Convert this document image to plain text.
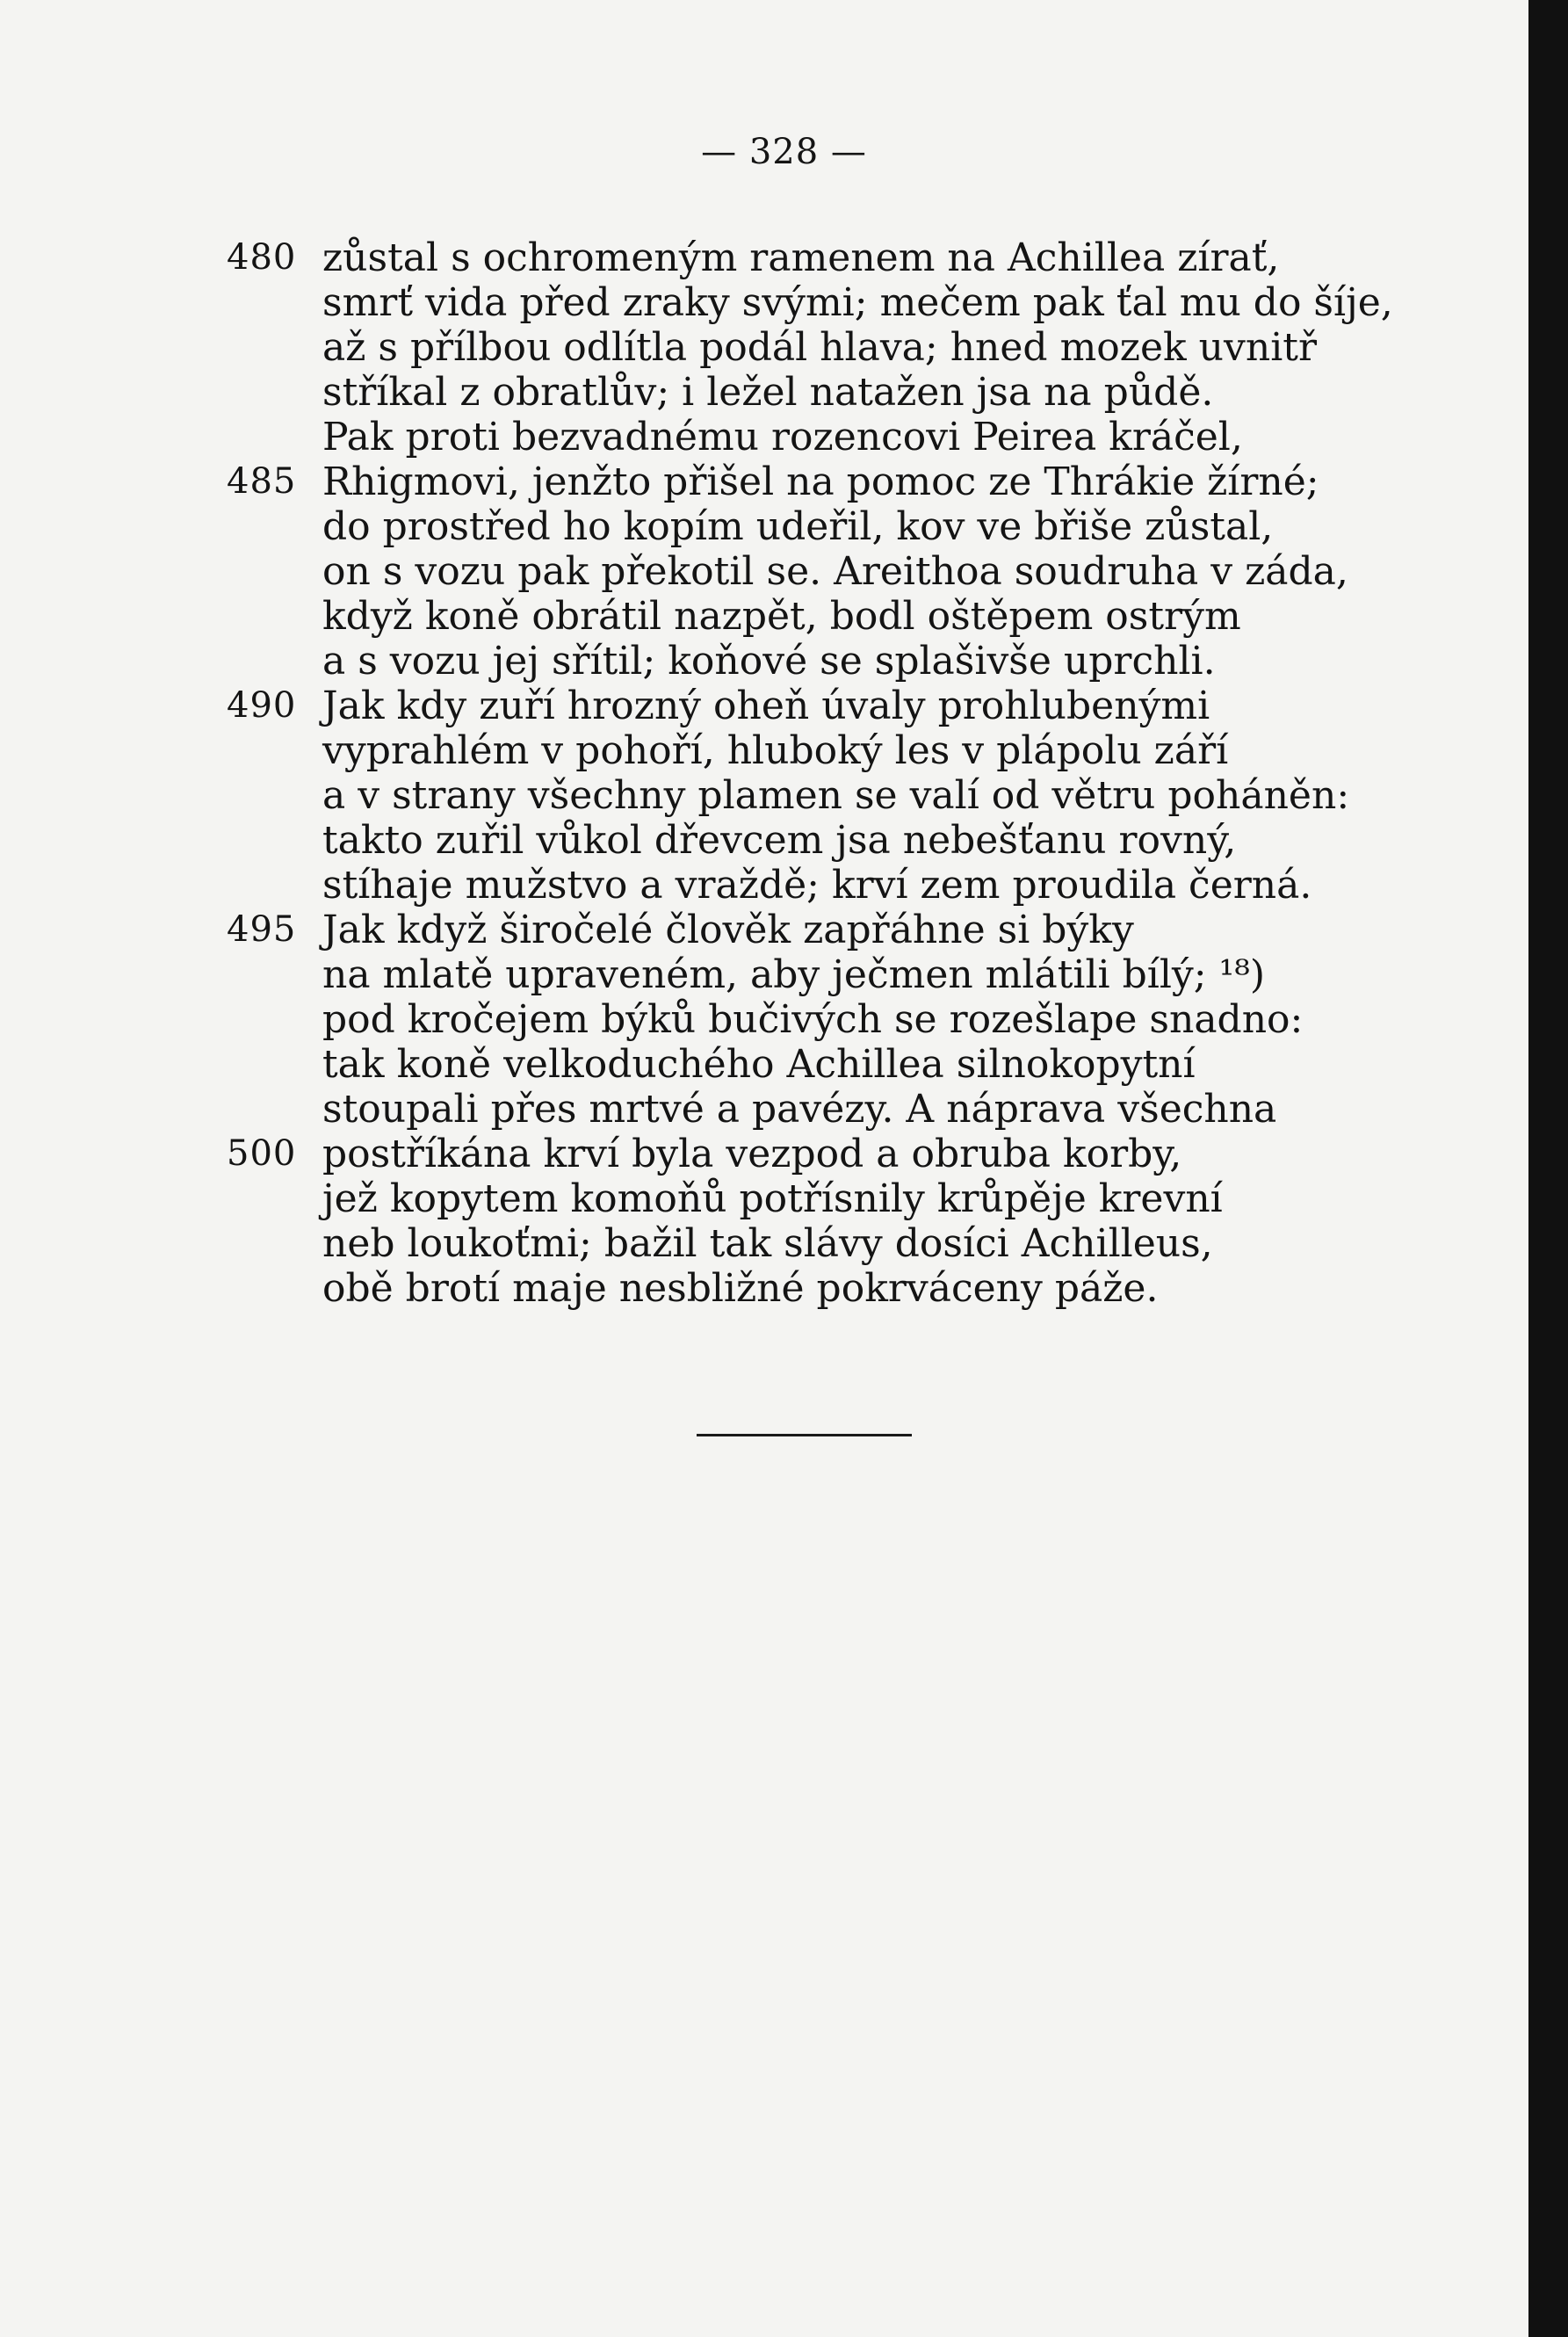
— 328 —
480 zůstal s ochromeným ramenem na Achillea zírať,
smrť vida před zraky svými; mečem pak ťal mu do šíje,
až s přílbou odlítla podál hlava; hned mozek uvnitř
stříkal z obratlův; i ležel natažen jsa na půdě.
Pak proti bezvadnému rozencovi Peirea kráčel,
485 Rhigmovi, jenžto přišel na pomoc ze Thrákie žírné;
do prostřed ho kopím udeřil, kov ve břiše zůstal,
on s vozu pak překotil se. Areithoa soudruha v záda,
když koně obrátil nazpět, bodl oštěpem ostrým
a s vozu jej sřítil; koňové se splašivše uprchli.
490 Jak kdy zuří hrozný oheň úvaly prohlubenými
vyprahlém v pohoří, hluboký les v plápolu září
a v strany všechny plamen se valí od větru poháněn:
takto zuřil vůkol dřevcem jsa nebešťanu rovný,
stíhaje mužstvo a vraždě; krví zem proudila černá.
495 Jak když širočelé člověk zapřáhne si býky
na mlatě upraveném, aby ječmen mlátili bílý; ¹⁸)
pod kročejem býků bučivých se rozešlape snadno:
tak koně velkoduchého Achillea silnokopytní
stoupali přes mrtvé a pavézy. A náprava všechna
500 postříkána krví byla vezpod a obruba korby,
jež kopytem komoňů potřísnily krůpěje krevní
neb loukoťmi; bažil tak slávy dosíci Achilleus,
obě brotí maje nesbližné pokrváceny páže.
